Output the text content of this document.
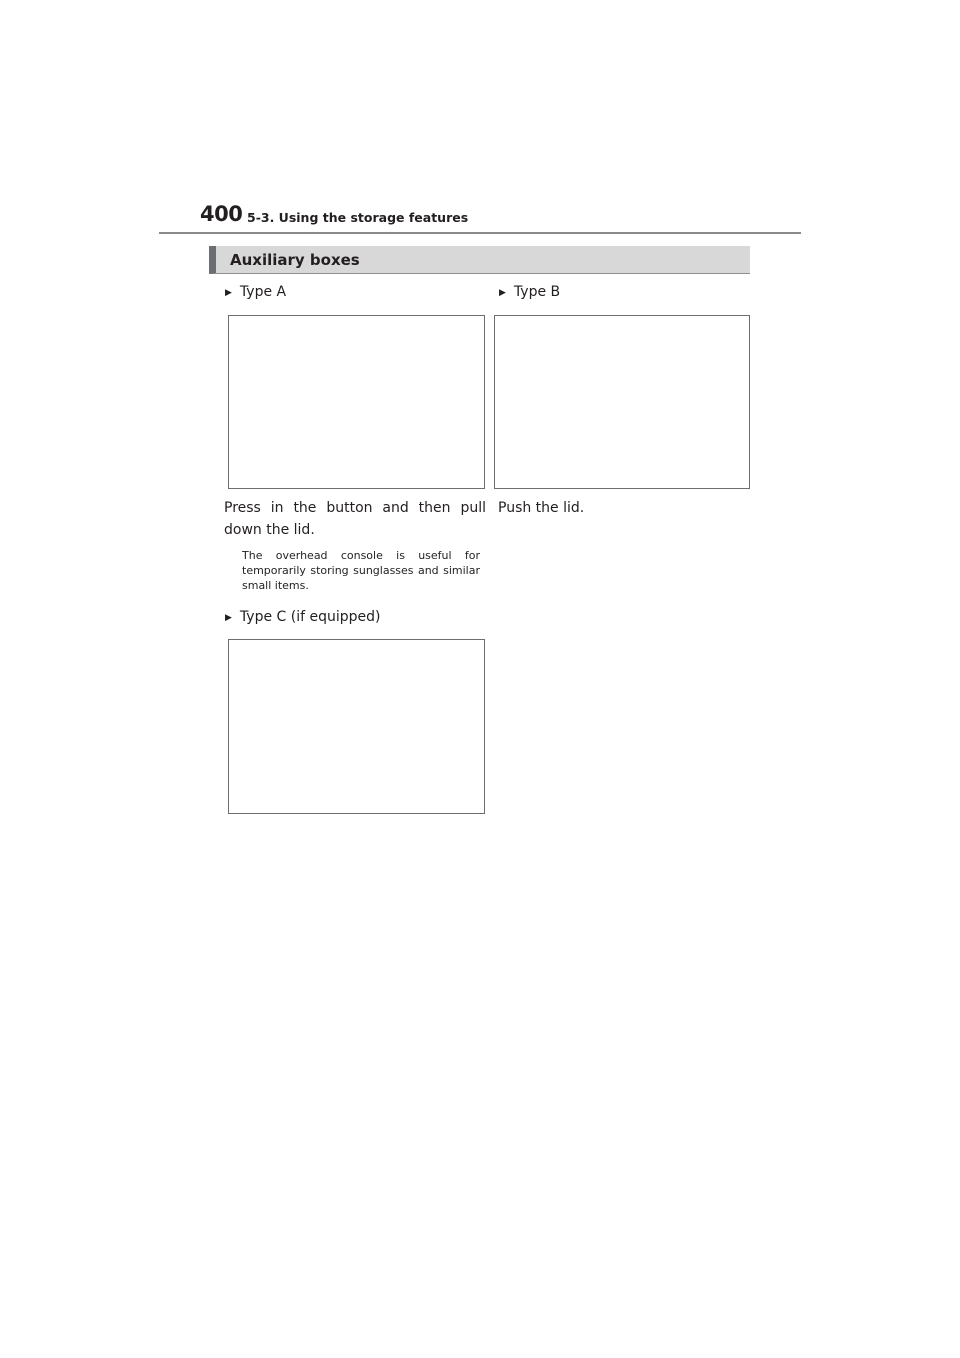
400 5-3. Using the storage features
Auxiliary boxes
▶ Type A
Press in the button and then pull down the lid.
The overhead console is useful for temporarily storing sunglasses and similar small items.
▶ Type B
Push the lid.
▶ Type C (if equipped)
